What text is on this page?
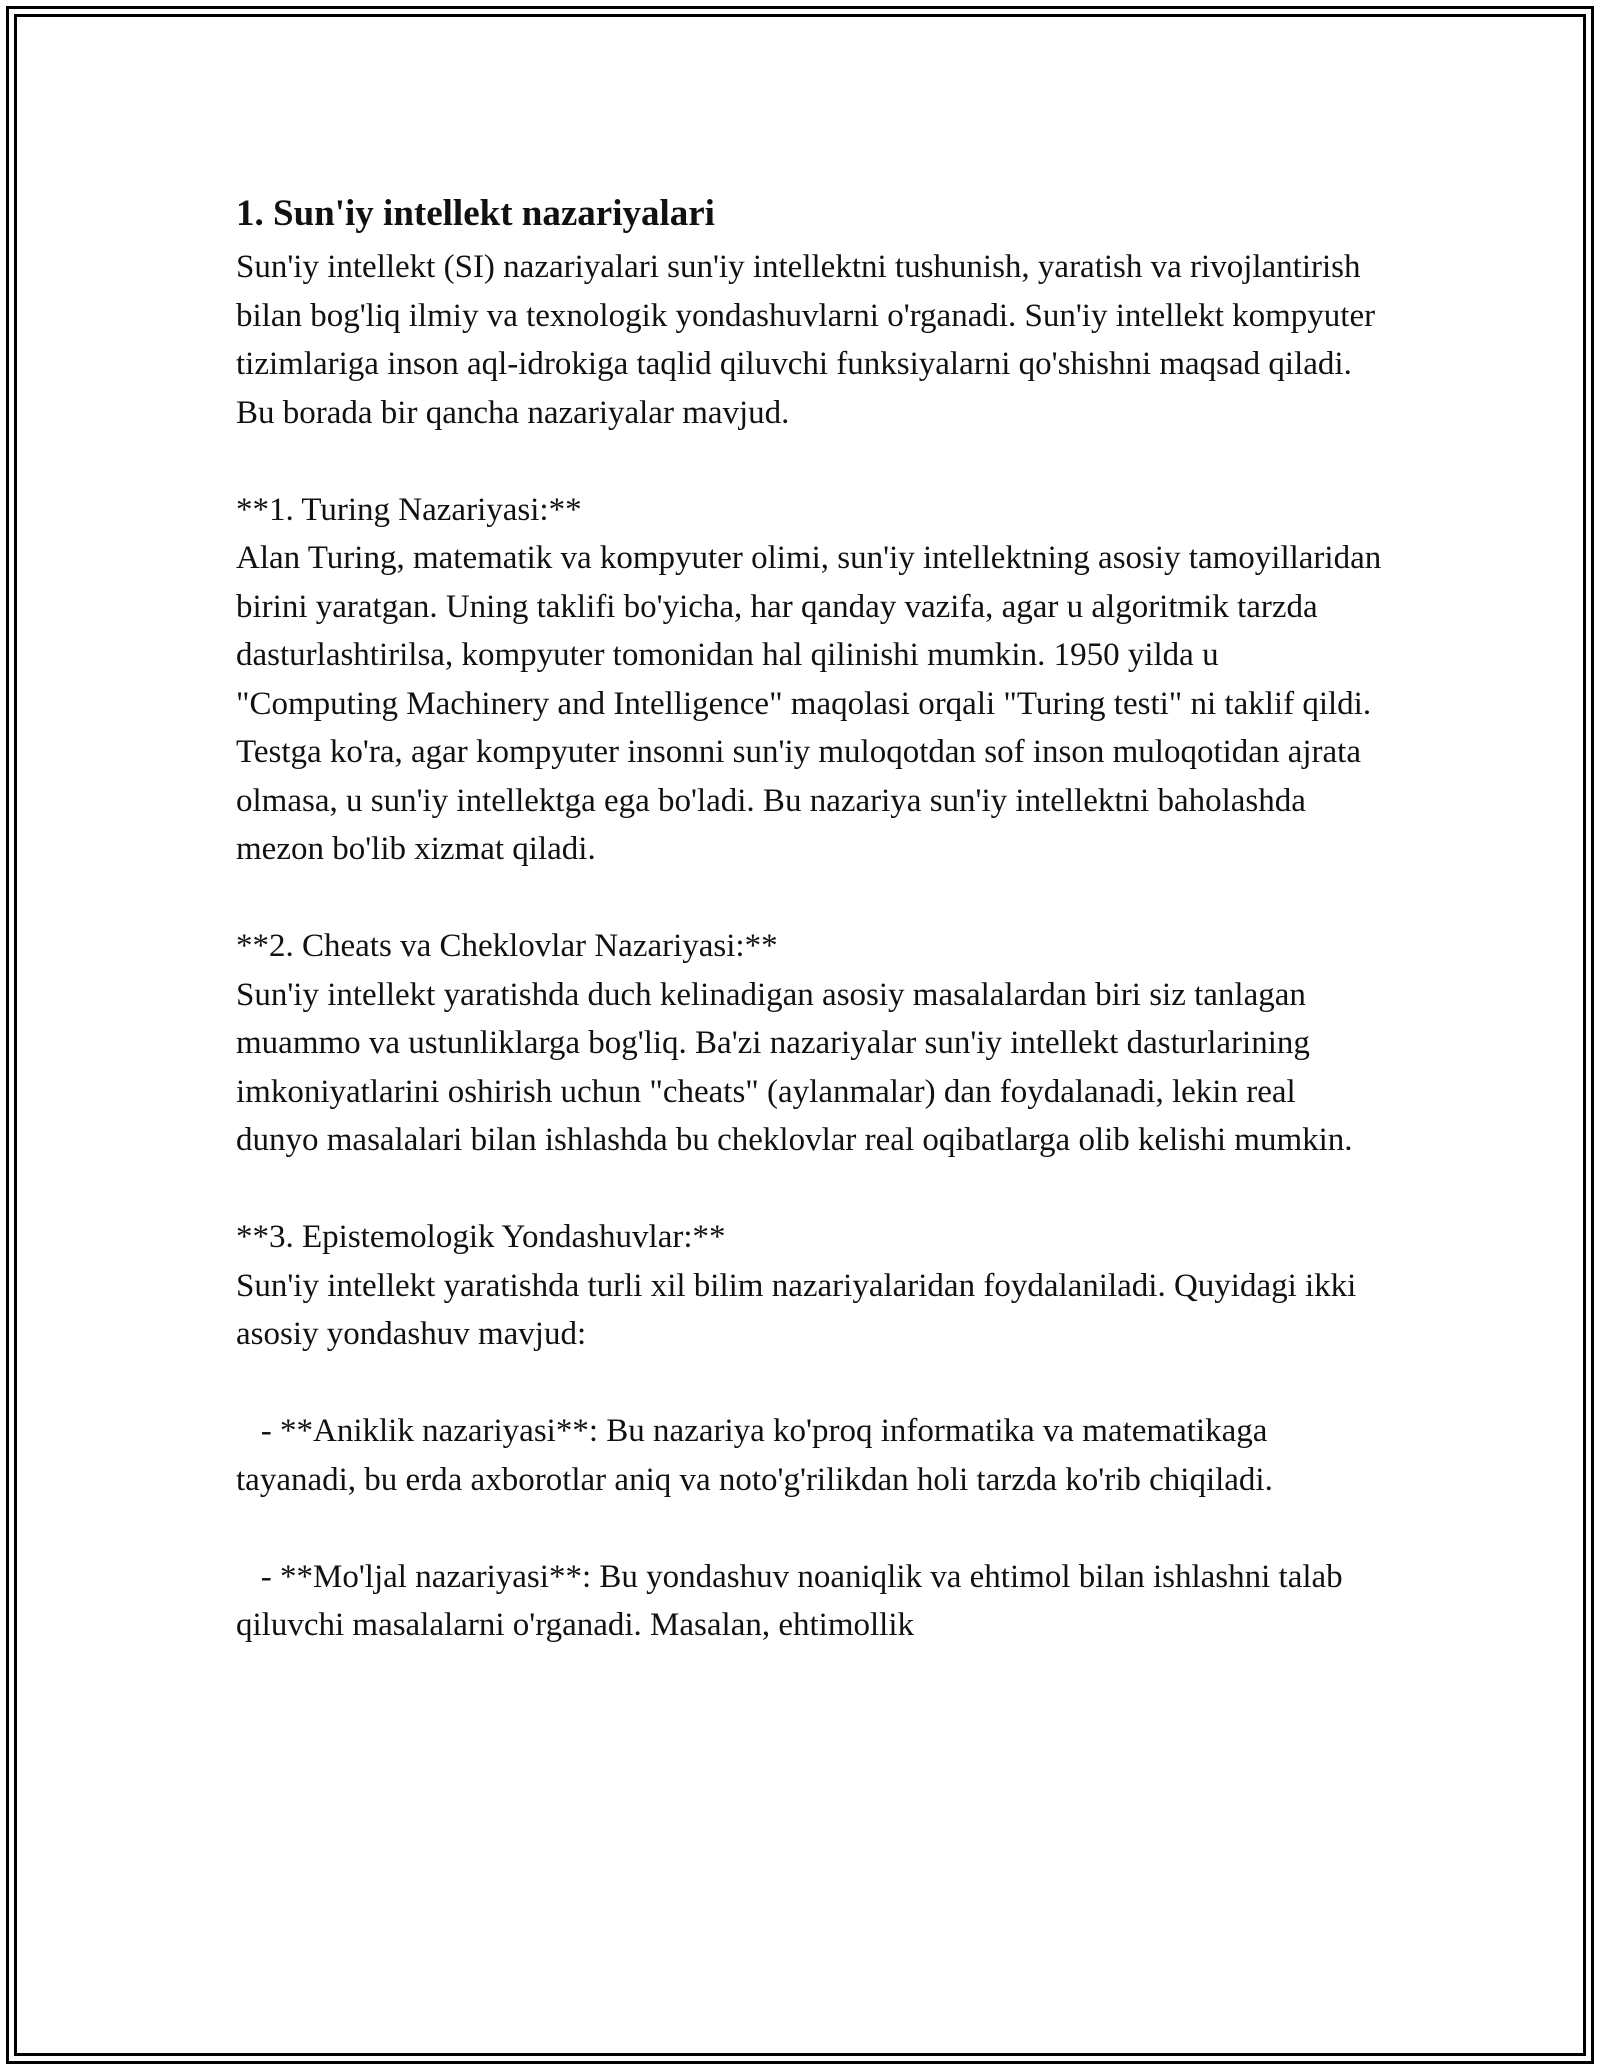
1. Sun'iy intellekt nazariyalari

Sun'iy intellekt (SI) nazariyalari sun'iy intellektni tushunish, yaratish va rivojlantirish bilan bog'liq ilmiy va texnologik yondashuvlarni o'rganadi. Sun'iy intellekt kompyuter tizimlariga inson aql-idrokiga taqlid qiluvchi funksiyalarni qo'shishni maqsad qiladi. Bu borada bir qancha nazariyalar mavjud.

**1. Turing Nazariyasi:**

Alan Turing, matematik va kompyuter olimi, sun'iy intellektning asosiy tamoyillaridan birini yaratgan. Uning taklifi bo'yicha, har qanday vazifa, agar u algoritmik tarzda dasturlashtirilsa, kompyuter tomonidan hal qilinishi mumkin. 1950 yilda u "Computing Machinery and Intelligence" maqolasi orqali "Turing testi" ni taklif qildi. Testga ko'ra, agar kompyuter insonni sun'iy muloqotdan sof inson muloqotidan ajrata olmasa, u sun'iy intellektga ega bo'ladi. Bu nazariya sun'iy intellektni baholashda mezon bo'lib xizmat qiladi.

**2. Cheats va Cheklovlar Nazariyasi:**

Sun'iy intellekt yaratishda duch kelinadigan asosiy masalalardan biri siz tanlagan muammo va ustunliklarga bog'liq. Ba'zi nazariyalar sun'iy intellekt dasturlarining imkoniyatlarini oshirish uchun "cheats" (aylanmalar) dan foydalanadi, lekin real dunyo masalalari bilan ishlashda bu cheklovlar real oqibatlarga olib kelishi mumkin.

**3. Epistemologik Yondashuvlar:**

Sun'iy intellekt yaratishda turli xil bilim nazariyalaridan foydalaniladi. Quyidagi ikki asosiy yondashuv mavjud:

- **Aniklik nazariyasi**: Bu nazariya ko'proq informatika va matematikaga tayanadi, bu erda axborotlar aniq va noto'g'rilikdan holi tarzda ko'rib chiqiladi.

- **Mo'ljal nazariyasi**: Bu yondashuv noaniqlik va ehtimol bilan ishlashni talab qiluvchi masalalarni o'rganadi. Masalan, ehtimollik
